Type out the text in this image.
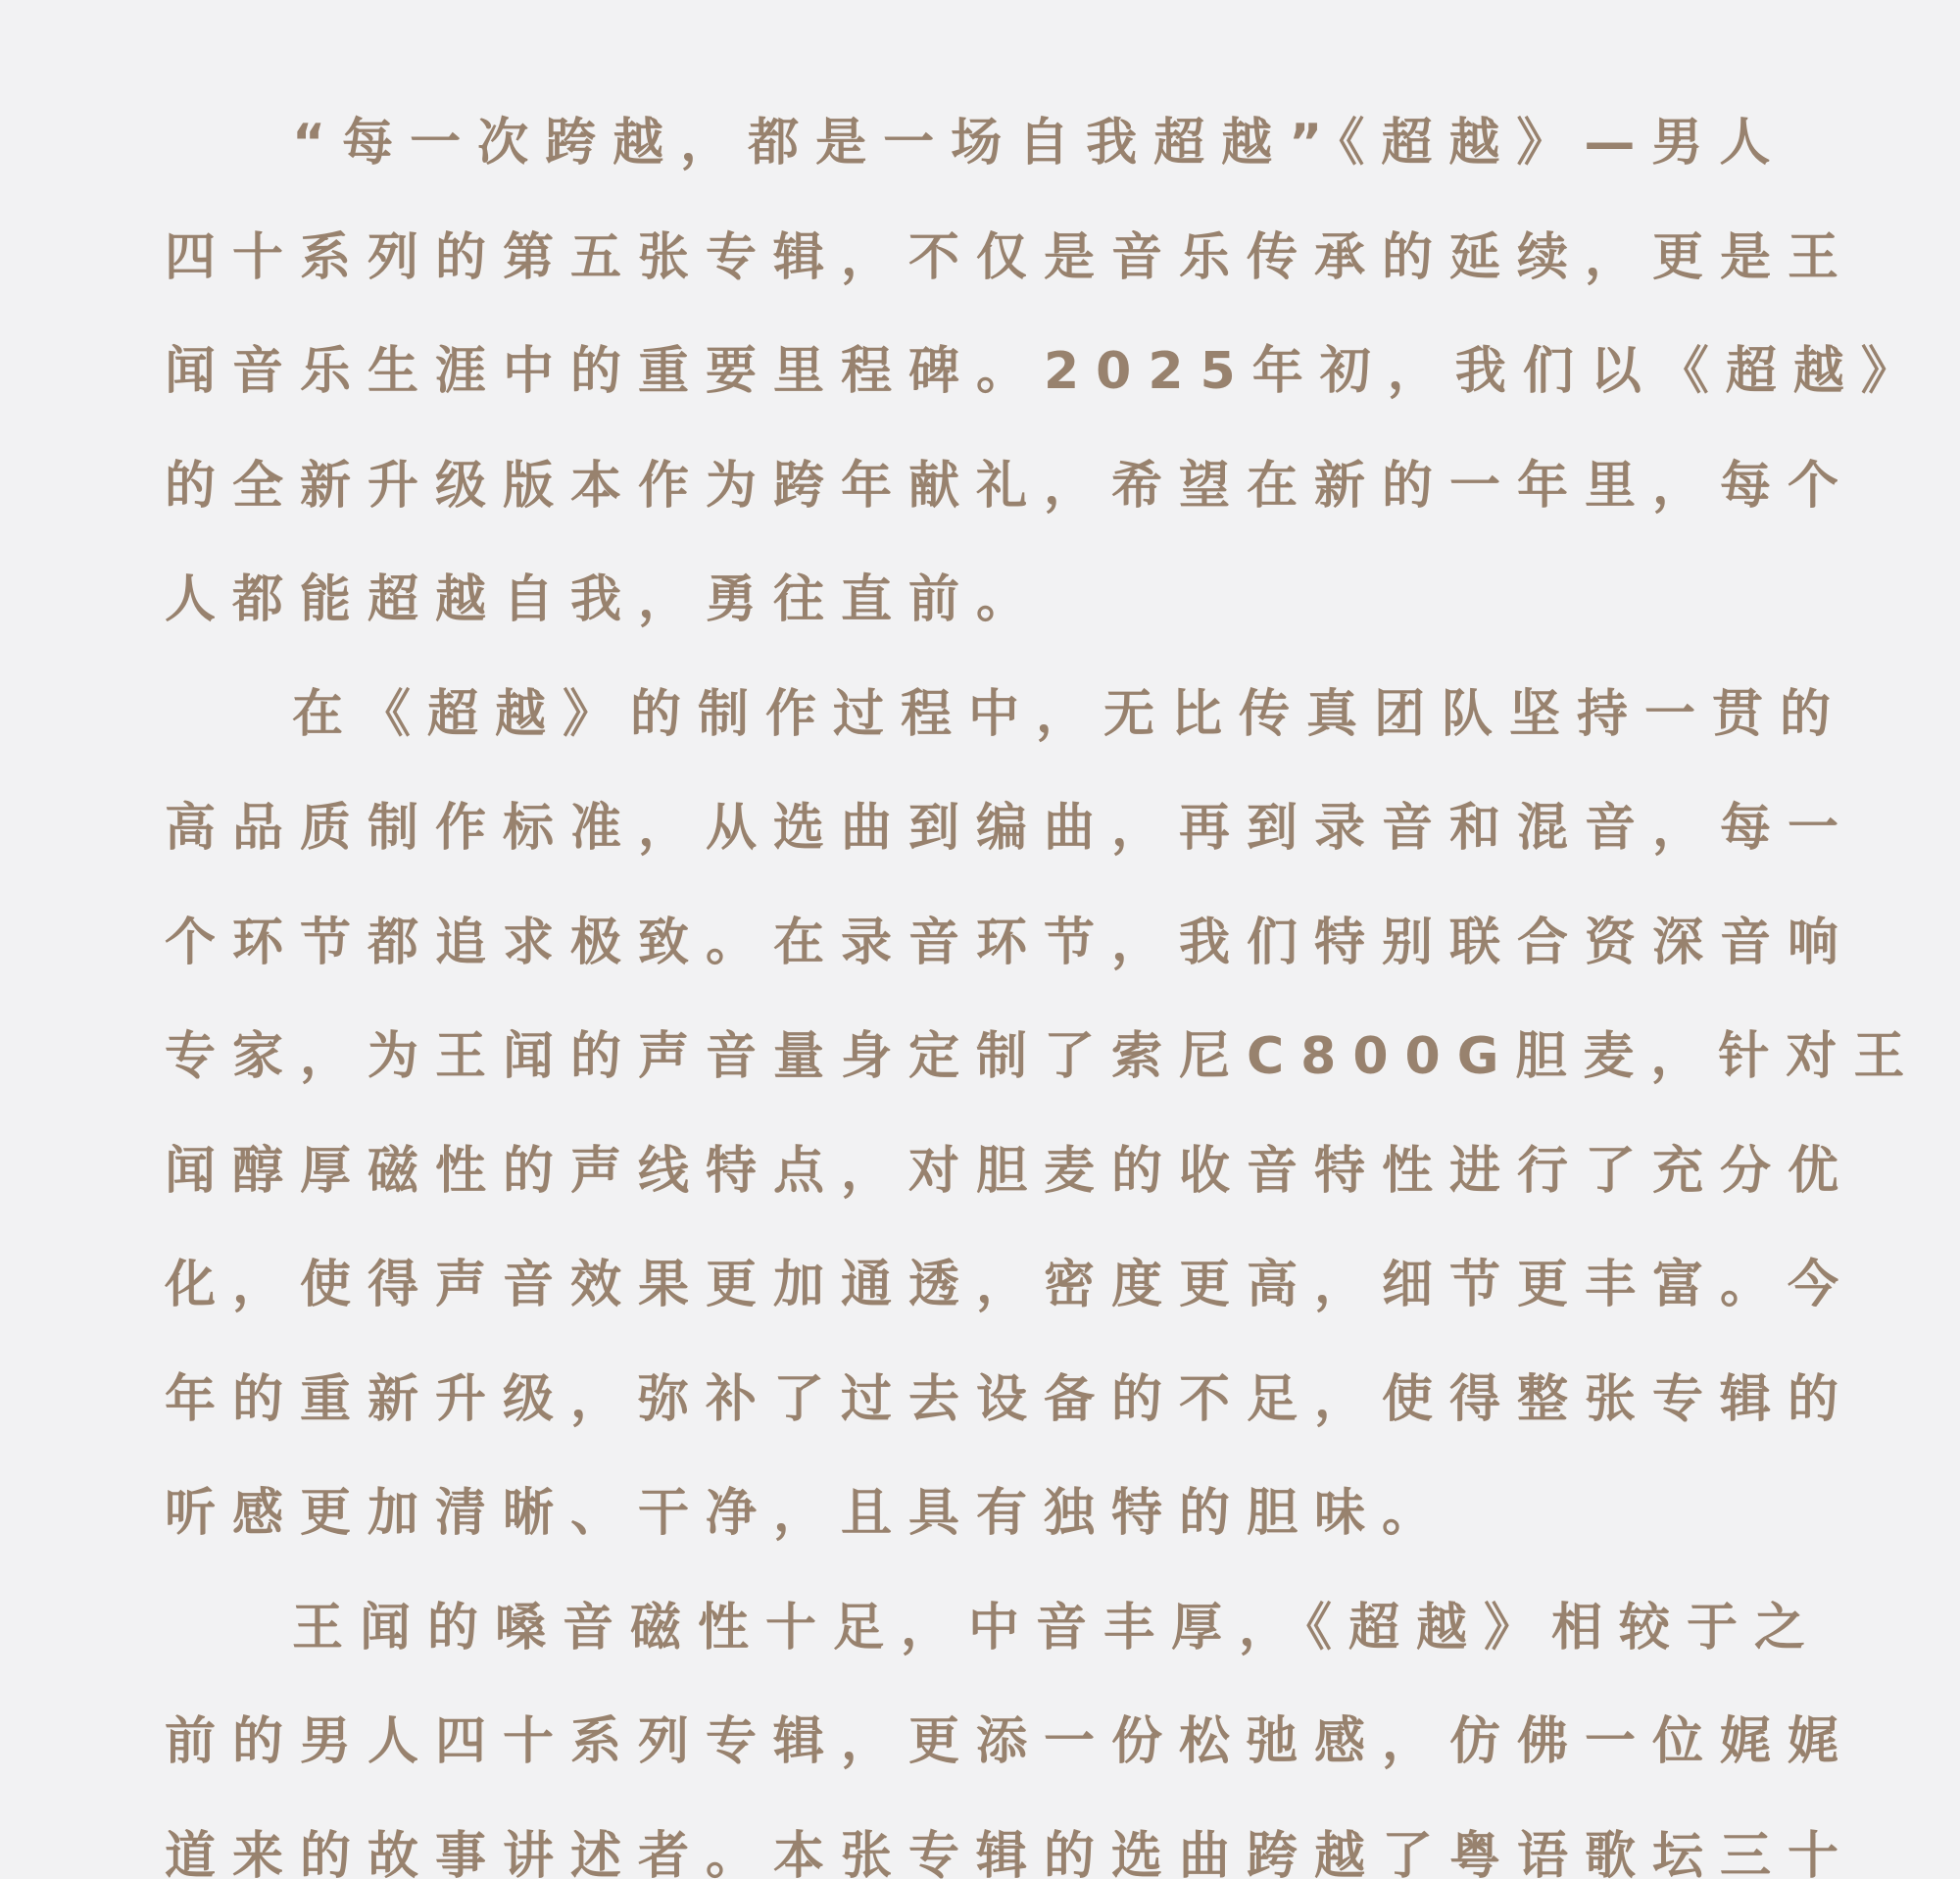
“每一次跨越，都是一场自我超越”《超越》—男人
四十系列的第五张专辑，不仅是音乐传承的延续，更是王
闻音乐生涯中的重要里程碑。2025年初，我们以《超越》
的全新升级版本作为跨年献礼，希望在新的一年里，每个
人都能超越自我，勇往直前。
在《超越》的制作过程中，无比传真团队坚持一贯的
高品质制作标准，从选曲到编曲，再到录音和混音，每一
个环节都追求极致。在录音环节，我们特别联合资深音响
专家，为王闻的声音量身定制了索尼C800G胆麦，针对王
闻醇厚磁性的声线特点，对胆麦的收音特性进行了充分优
化，使得声音效果更加通透，密度更高，细节更丰富。今
年的重新升级，弥补了过去设备的不足，使得整张专辑的
听感更加清晰、干净，且具有独特的胆味。
王闻的嗓音磁性十足，中音丰厚，《超越》相较于之
前的男人四十系列专辑，更添一份松弛感，仿佛一位娓娓
道来的故事讲述者。本张专辑的选曲跨越了粤语歌坛三十
